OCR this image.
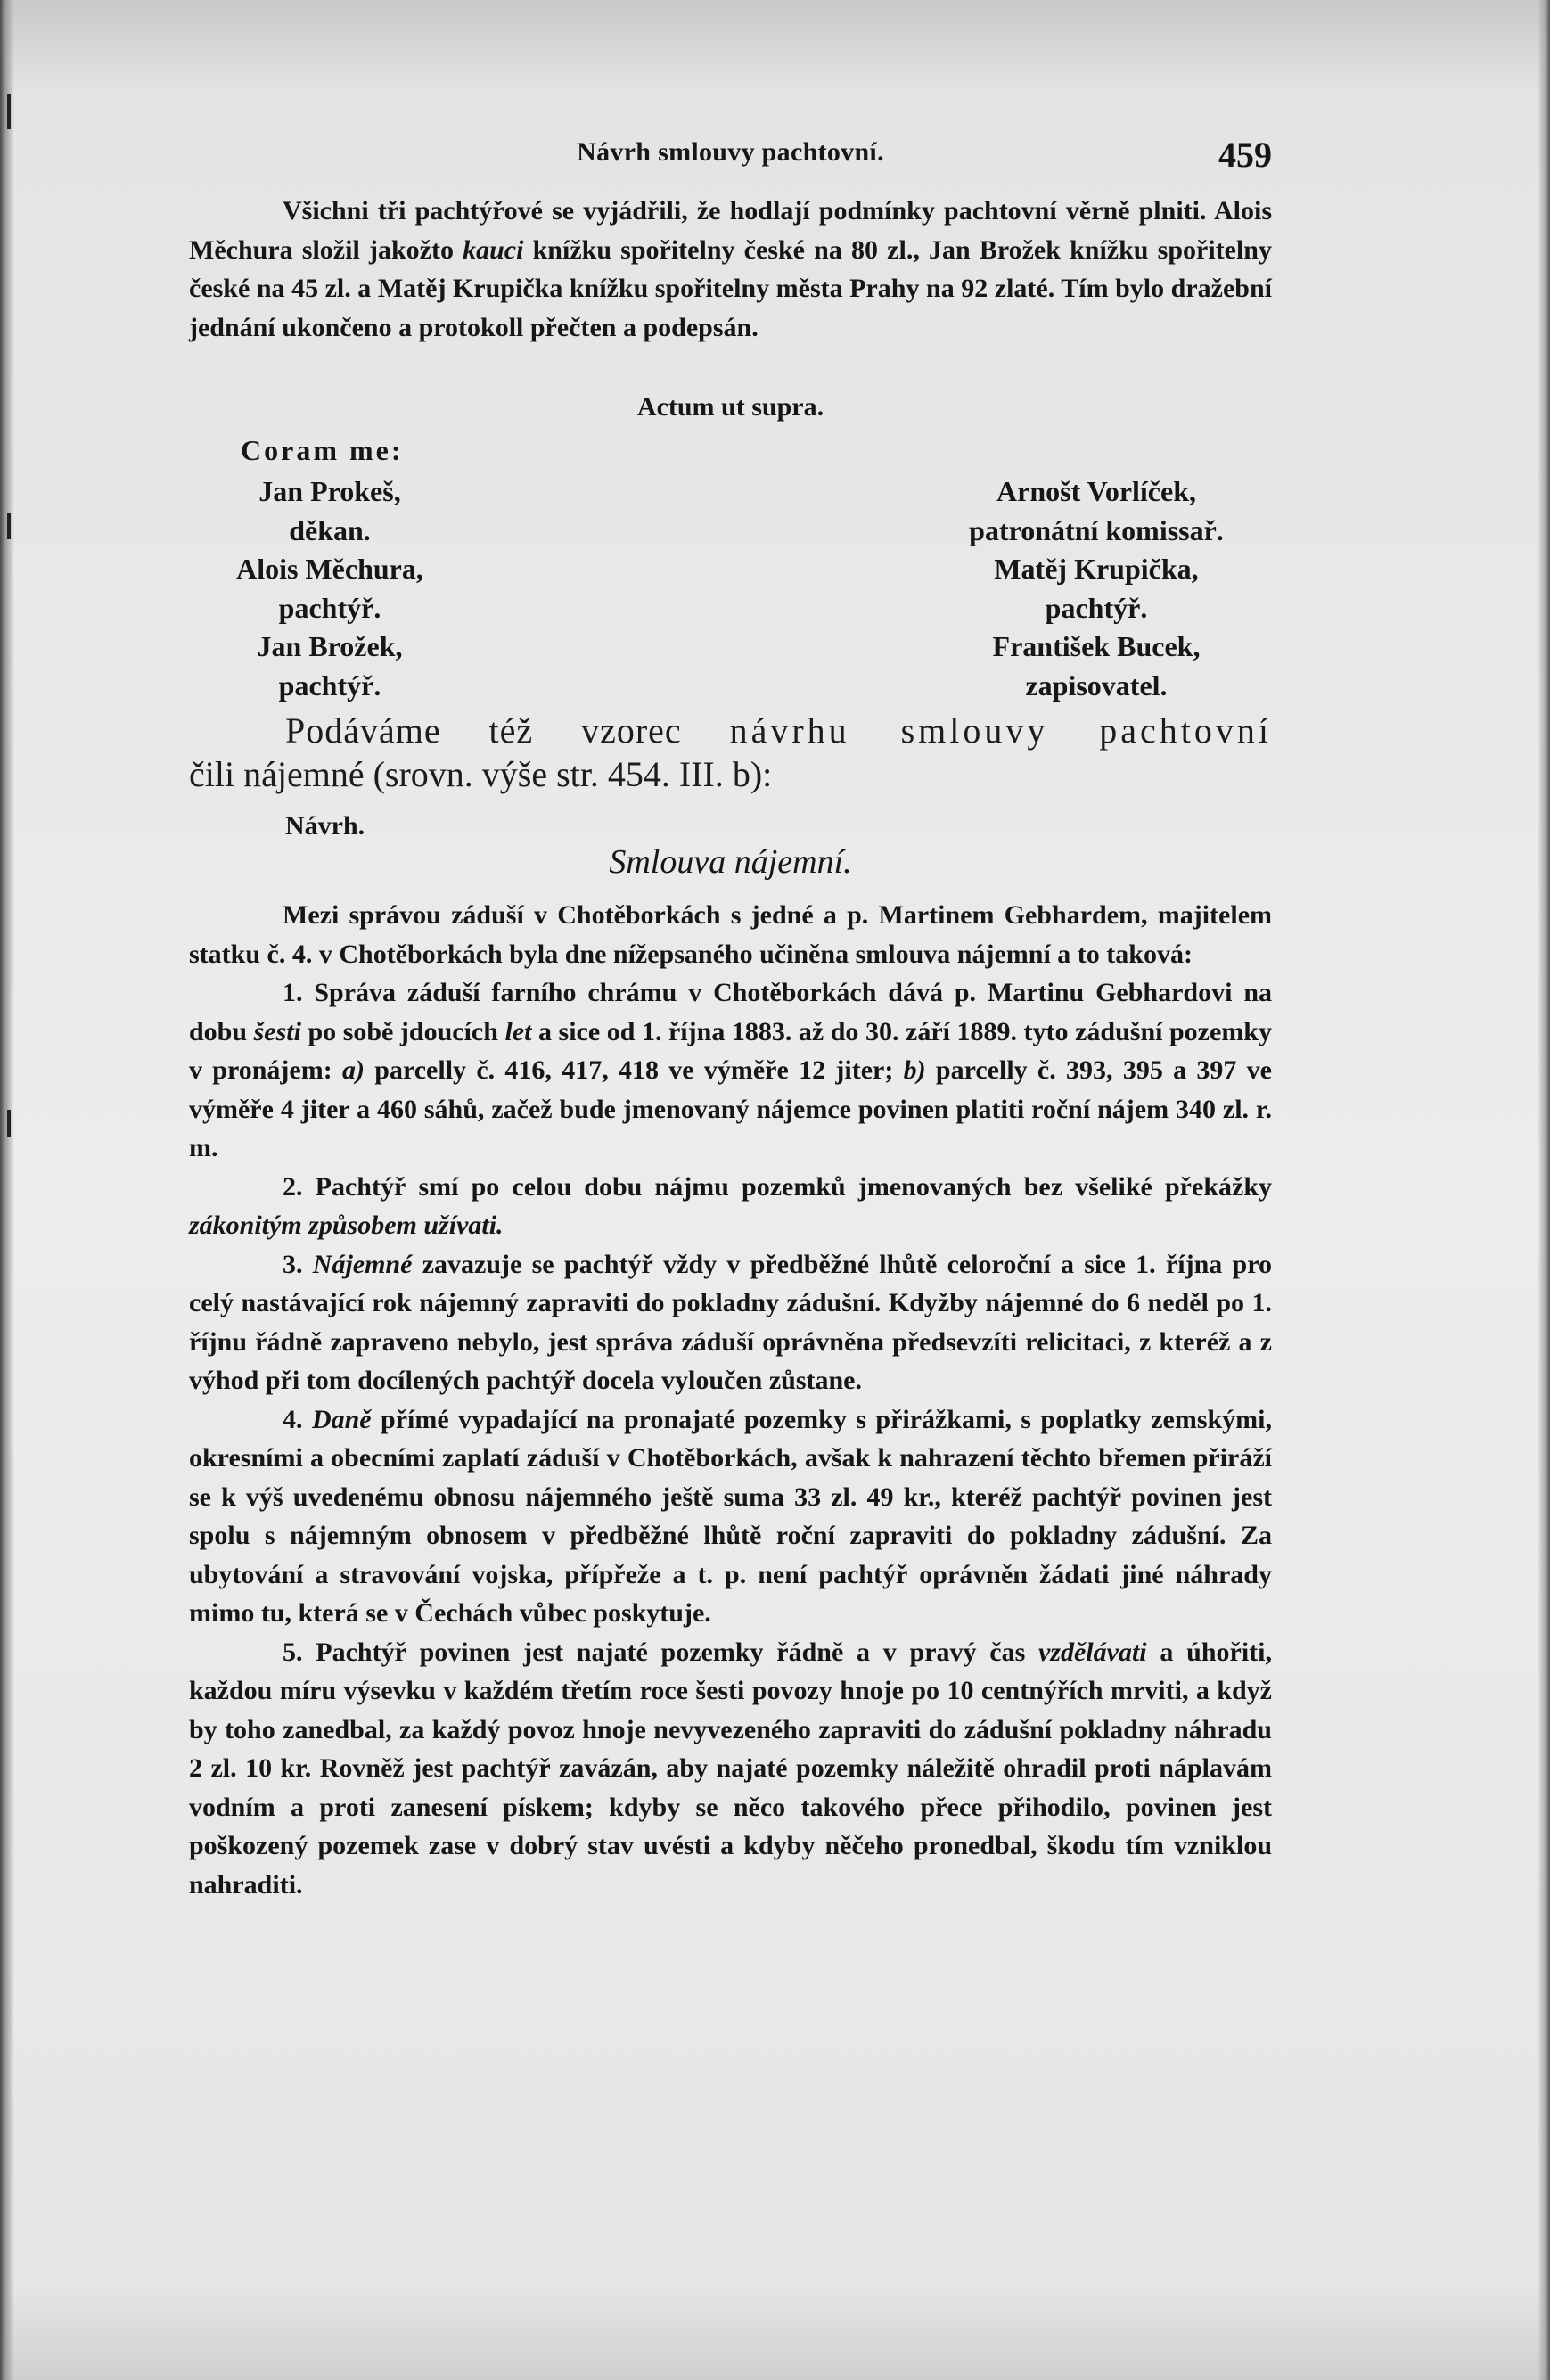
Návrh smlouvy pachtovní.	459

Všichni tři pachtýřové se vyjádřili, že hodlají podmínky pachtovní věrně plniti. Alois Měchura složil jakožto kauci knížku spořitelny české na 80 zl., Jan Brožek knížku spořitelny české na 45 zl. a Matěj Krupička knížku spořitelny města Prahy na 92 zlaté. Tím bylo dražební jednání ukončeno a protokoll přečten a podepsán.

Actum ut supra.
Coram me:
Jan Prokeš,
děkan.
Alois Měchura,
pachtýř.
Jan Brožek,
pachtýř.
Arnošt Vorlíček,
patronátní komissař.
Matěj Krupička,
pachtýř.
František Bucek,
zapisovatel.
Podáváme též vzorec návrhu smlouvy pachtovní
čili nájemné (srovn. výše str. 454. III. b):
Návrh.
Smlouva nájemní.

Mezi správou záduší v Chotěborkách s jedné a p. Martinem Gebhardem, majitelem statku č. 4. v Chotěborkách byla dne nížepsaného učiněna smlouva nájemní a to taková:

1. Správa záduší farního chrámu v Chotěborkách dává p. Martinu Gebhardovi na dobu šesti po sobě jdoucích let a sice od 1. října 1883. až do 30. září 1889. tyto zádušní pozemky v pronájem: a) parcelly č. 416, 417, 418 ve výměře 12 jiter; b) parcelly č. 393, 395 a 397 ve výměře 4 jiter a 460 sáhů, začež bude jmenovaný nájemce povinen platiti roční nájem 340 zl. r. m.

2. Pachtýř smí po celou dobu nájmu pozemků jmenovaných bez všeliké překážky zákonitým způsobem užívati.

3. Nájemné zavazuje se pachtýř vždy v předběžné lhůtě celoroční a sice 1. října pro celý nastávající rok nájemný zapraviti do pokladny zádušní. Kdyžby nájemné do 6 neděl po 1. říjnu řádně zapraveno nebylo, jest správa záduší oprávněna předsevzíti relicitaci, z kteréž a z výhod při tom docílených pachtýř docela vyloučen zůstane.

4. Daně přímé vypadající na pronajaté pozemky s přirážkami, s poplatky zemskými, okresními a obecními zaplatí záduší v Chotěborkách, avšak k nahrazení těchto břemen přiráží se k výš uvedenému obnosu nájemného ještě suma 33 zl. 49 kr., kteréž pachtýř povinen jest spolu s nájemným obnosem v předběžné lhůtě roční zapraviti do pokladny zádušní. Za ubytování a stravování vojska, přípřeže a t. p. není pachtýř oprávněn žádati jiné náhrady mimo tu, která se v Čechách vůbec poskytuje.

5. Pachtýř povinen jest najaté pozemky řádně a v pravý čas vzdělávati a úhořiti, každou míru výsevku v každém třetím roce šesti povozy hnoje po 10 centnýřích mrviti, a když by toho zanedbal, za každý povoz hnoje nevyvezeného zapraviti do zádušní pokladny náhradu 2 zl. 10 kr. Rovněž jest pachtýř zavázán, aby najaté pozemky náležitě ohradil proti náplavám vodním a proti zanesení pískem; kdyby se něco takového přece přihodilo, povinen jest poškozený pozemek zase v dobrý stav uvésti a kdyby něčeho pronedbal, škodu tím vzniklou nahraditi.
